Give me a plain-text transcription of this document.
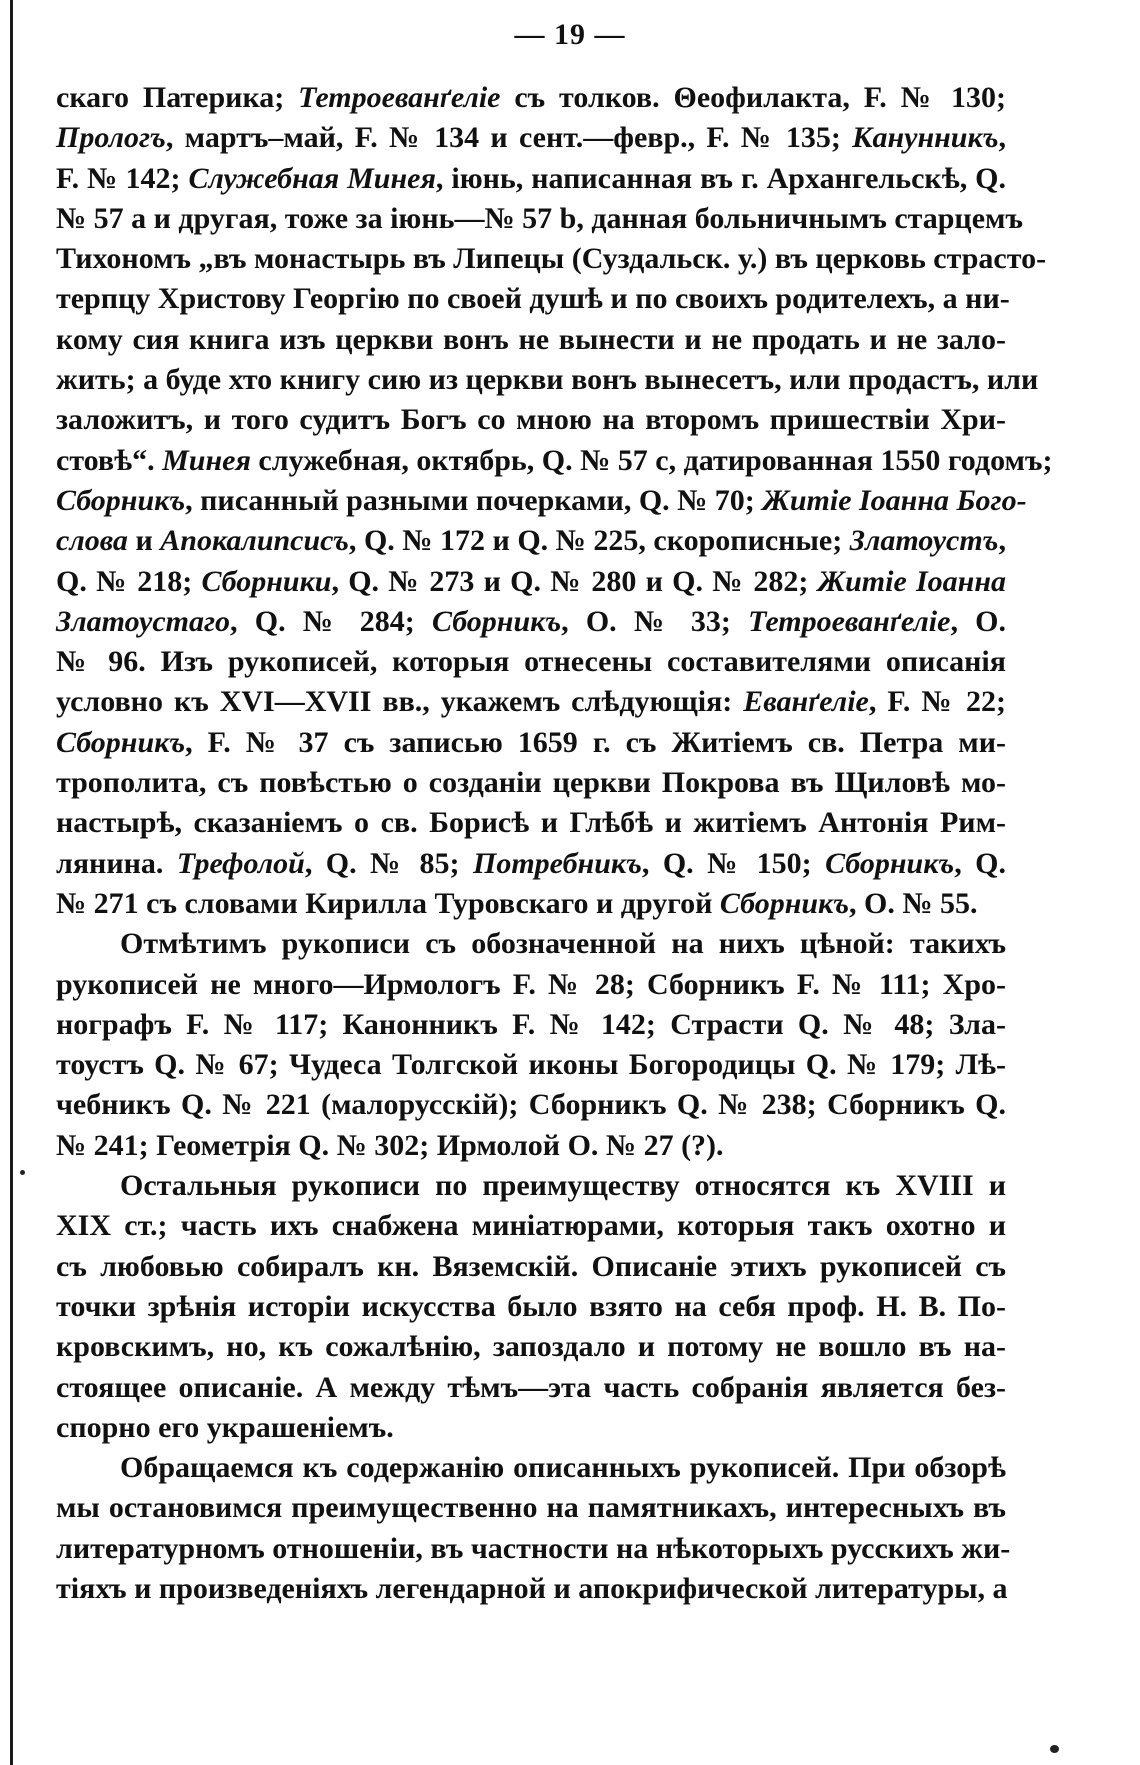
— 19 —
скаго Патерика; Тетроеванґеліе съ толков. Θеофилакта, F. № 130;
Прологъ, мартъ–май, F. № 134 и сент.—февр., F. № 135; Канунникъ,
F. № 142; Служебная Минея, іюнь, написанная въ г. Архангельскѣ, Q.
№ 57 a и другая, тоже за іюнь—№ 57 b, данная больничнымъ старцемъ
Тихономъ „въ монастырь въ Липецы (Суздальск. у.) въ церковь страсто-
терпцу Христову Георгію по своей душѣ и по своихъ родителехъ, а ни-
кому сия книга изъ церкви вонъ не вынести и не продать и не зало-
жить; а буде хто книгу сию из церкви вонъ вынесетъ, или продастъ, или
заложитъ, и того судитъ Богъ со мною на второмъ пришествіи Хри-
стовѣ“. Минея служебная, октябрь, Q. № 57 с, датированная 1550 годомъ;
Сборникъ, писанный разными почерками, Q. № 70; Житіе Іоанна Бого-
слова и Апокалипсисъ, Q. № 172 и Q. № 225, скорописные; Златоустъ,
Q. № 218; Сборники, Q. № 273 и Q. № 280 и Q. № 282; Житіе Іоанна
Златоустаго, Q. № 284; Сборникъ, О. № 33; Тетроеванґеліе, О.
№ 96. Изъ рукописей, которыя отнесены составителями описанія
условно къ XVI—XVII вв., укажемъ слѣдующія: Еванґеліе, F. № 22;
Сборникъ, F. № 37 съ записью 1659 г. съ Житіемъ св. Петра ми-
трополита, съ повѣстью о созданіи церкви Покрова въ Щиловѣ мо-
настырѣ, сказаніемъ о св. Борисѣ и Глѣбѣ и житіемъ Антонія Рим-
лянина. Трефолой, Q. № 85; Потребникъ, Q. № 150; Сборникъ, Q.
№ 271 съ словами Кирилла Туровскаго и другой Сборникъ, О. № 55.
Отмѣтимъ рукописи съ обозначенной на нихъ цѣной: такихъ
рукописей не много—Ирмологъ F. № 28; Сборникъ F. № 111; Хро-
нографъ F. № 117; Канонникъ F. № 142; Страсти Q. № 48; Зла-
тоустъ Q. № 67; Чудеса Толгской иконы Богородицы Q. № 179; Лѣ-
чебникъ Q. № 221 (малорусскій); Сборникъ Q. № 238; Сборникъ Q.
№ 241; Геометрія Q. № 302; Ирмолой О. № 27 (?).
Остальныя рукописи по преимуществу относятся къ XVIII и
XIX ст.; часть ихъ снабжена миніатюрами, которыя такъ охотно и
съ любовью собиралъ кн. Вяземскій. Описаніе этихъ рукописей съ
точки зрѣнія исторіи искусства было взято на себя проф. Н. В. По-
кровскимъ, но, къ сожалѣнію, запоздало и потому не вошло въ на-
стоящее описаніе. А между тѣмъ—эта часть собранія является без-
спорно его украшеніемъ.
Обращаемся къ содержанію описанныхъ рукописей. При обзорѣ
мы остановимся преимущественно на памятникахъ, интересныхъ въ
литературномъ отношеніи, въ частности на нѣкоторыхъ русскихъ жи-
тіяхъ и произведеніяхъ легендарной и апокрифической литературы, а
